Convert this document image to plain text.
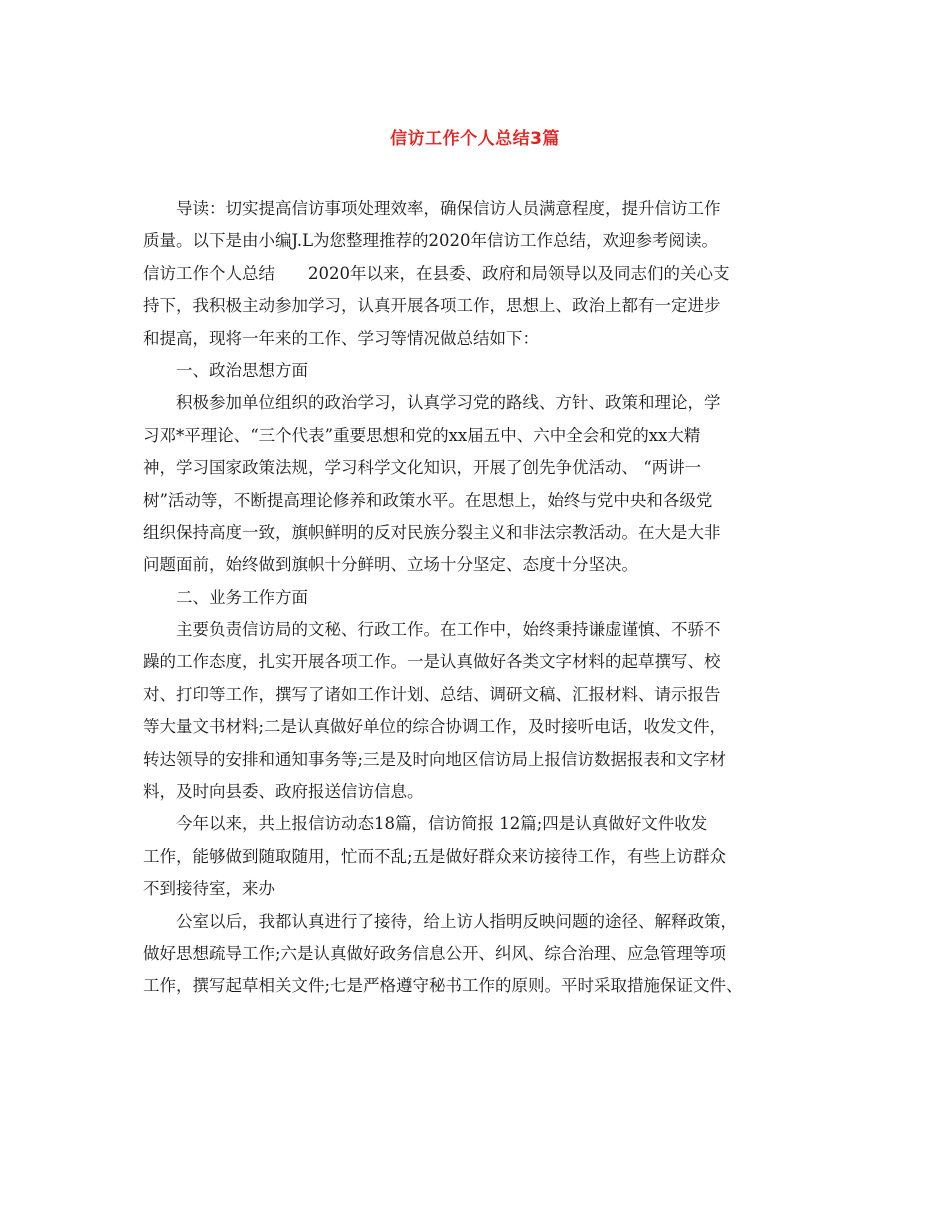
信访工作个人总结3篇
　　导读：切实提高信访事项处理效率，确保信访人员满意程度，提升信访工作
质量。以下是由小编J.L为您整理推荐的2020年信访工作总结，欢迎参考阅读。
信访工作个人总结　　2020年以来，在县委、政府和局领导以及同志们的关心支
持下，我积极主动参加学习，认真开展各项工作，思想上、政治上都有一定进步
和提高，现将一年来的工作、学习等情况做总结如下：
　　一、政治思想方面
　　积极参加单位组织的政治学习，认真学习党的路线、方针、政策和理论，学
习邓*平理论、“三个代表”重要思想和党的xx届五中、六中全会和党的xx大精
神，学习国家政策法规，学习科学文化知识，开展了创先争优活动、 “两讲一
树”活动等，不断提高理论修养和政策水平。在思想上，始终与党中央和各级党
组织保持高度一致，旗帜鲜明的反对民族分裂主义和非法宗教活动。在大是大非
问题面前，始终做到旗帜十分鲜明、立场十分坚定、态度十分坚决。
　　二、业务工作方面
　　主要负责信访局的文秘、行政工作。在工作中，始终秉持谦虚谨慎、不骄不
躁的工作态度，扎实开展各项工作。一是认真做好各类文字材料的起草撰写、校
对、打印等工作，撰写了诸如工作计划、总结、调研文稿、汇报材料、请示报告
等大量文书材料;二是认真做好单位的综合协调工作，及时接听电话，收发文件，
转达领导的安排和通知事务等;三是及时向地区信访局上报信访数据报表和文字材
料，及时向县委、政府报送信访信息。
　　今年以来，共上报信访动态18篇，信访简报 12篇;四是认真做好文件收发
工作，能够做到随取随用，忙而不乱;五是做好群众来访接待工作，有些上访群众
不到接待室，来办
　　公室以后，我都认真进行了接待，给上访人指明反映问题的途径、解释政策，
做好思想疏导工作;六是认真做好政务信息公开、纠风、综合治理、应急管理等项
工作，撰写起草相关文件;七是严格遵守秘书工作的原则。平时采取措施保证文件、
